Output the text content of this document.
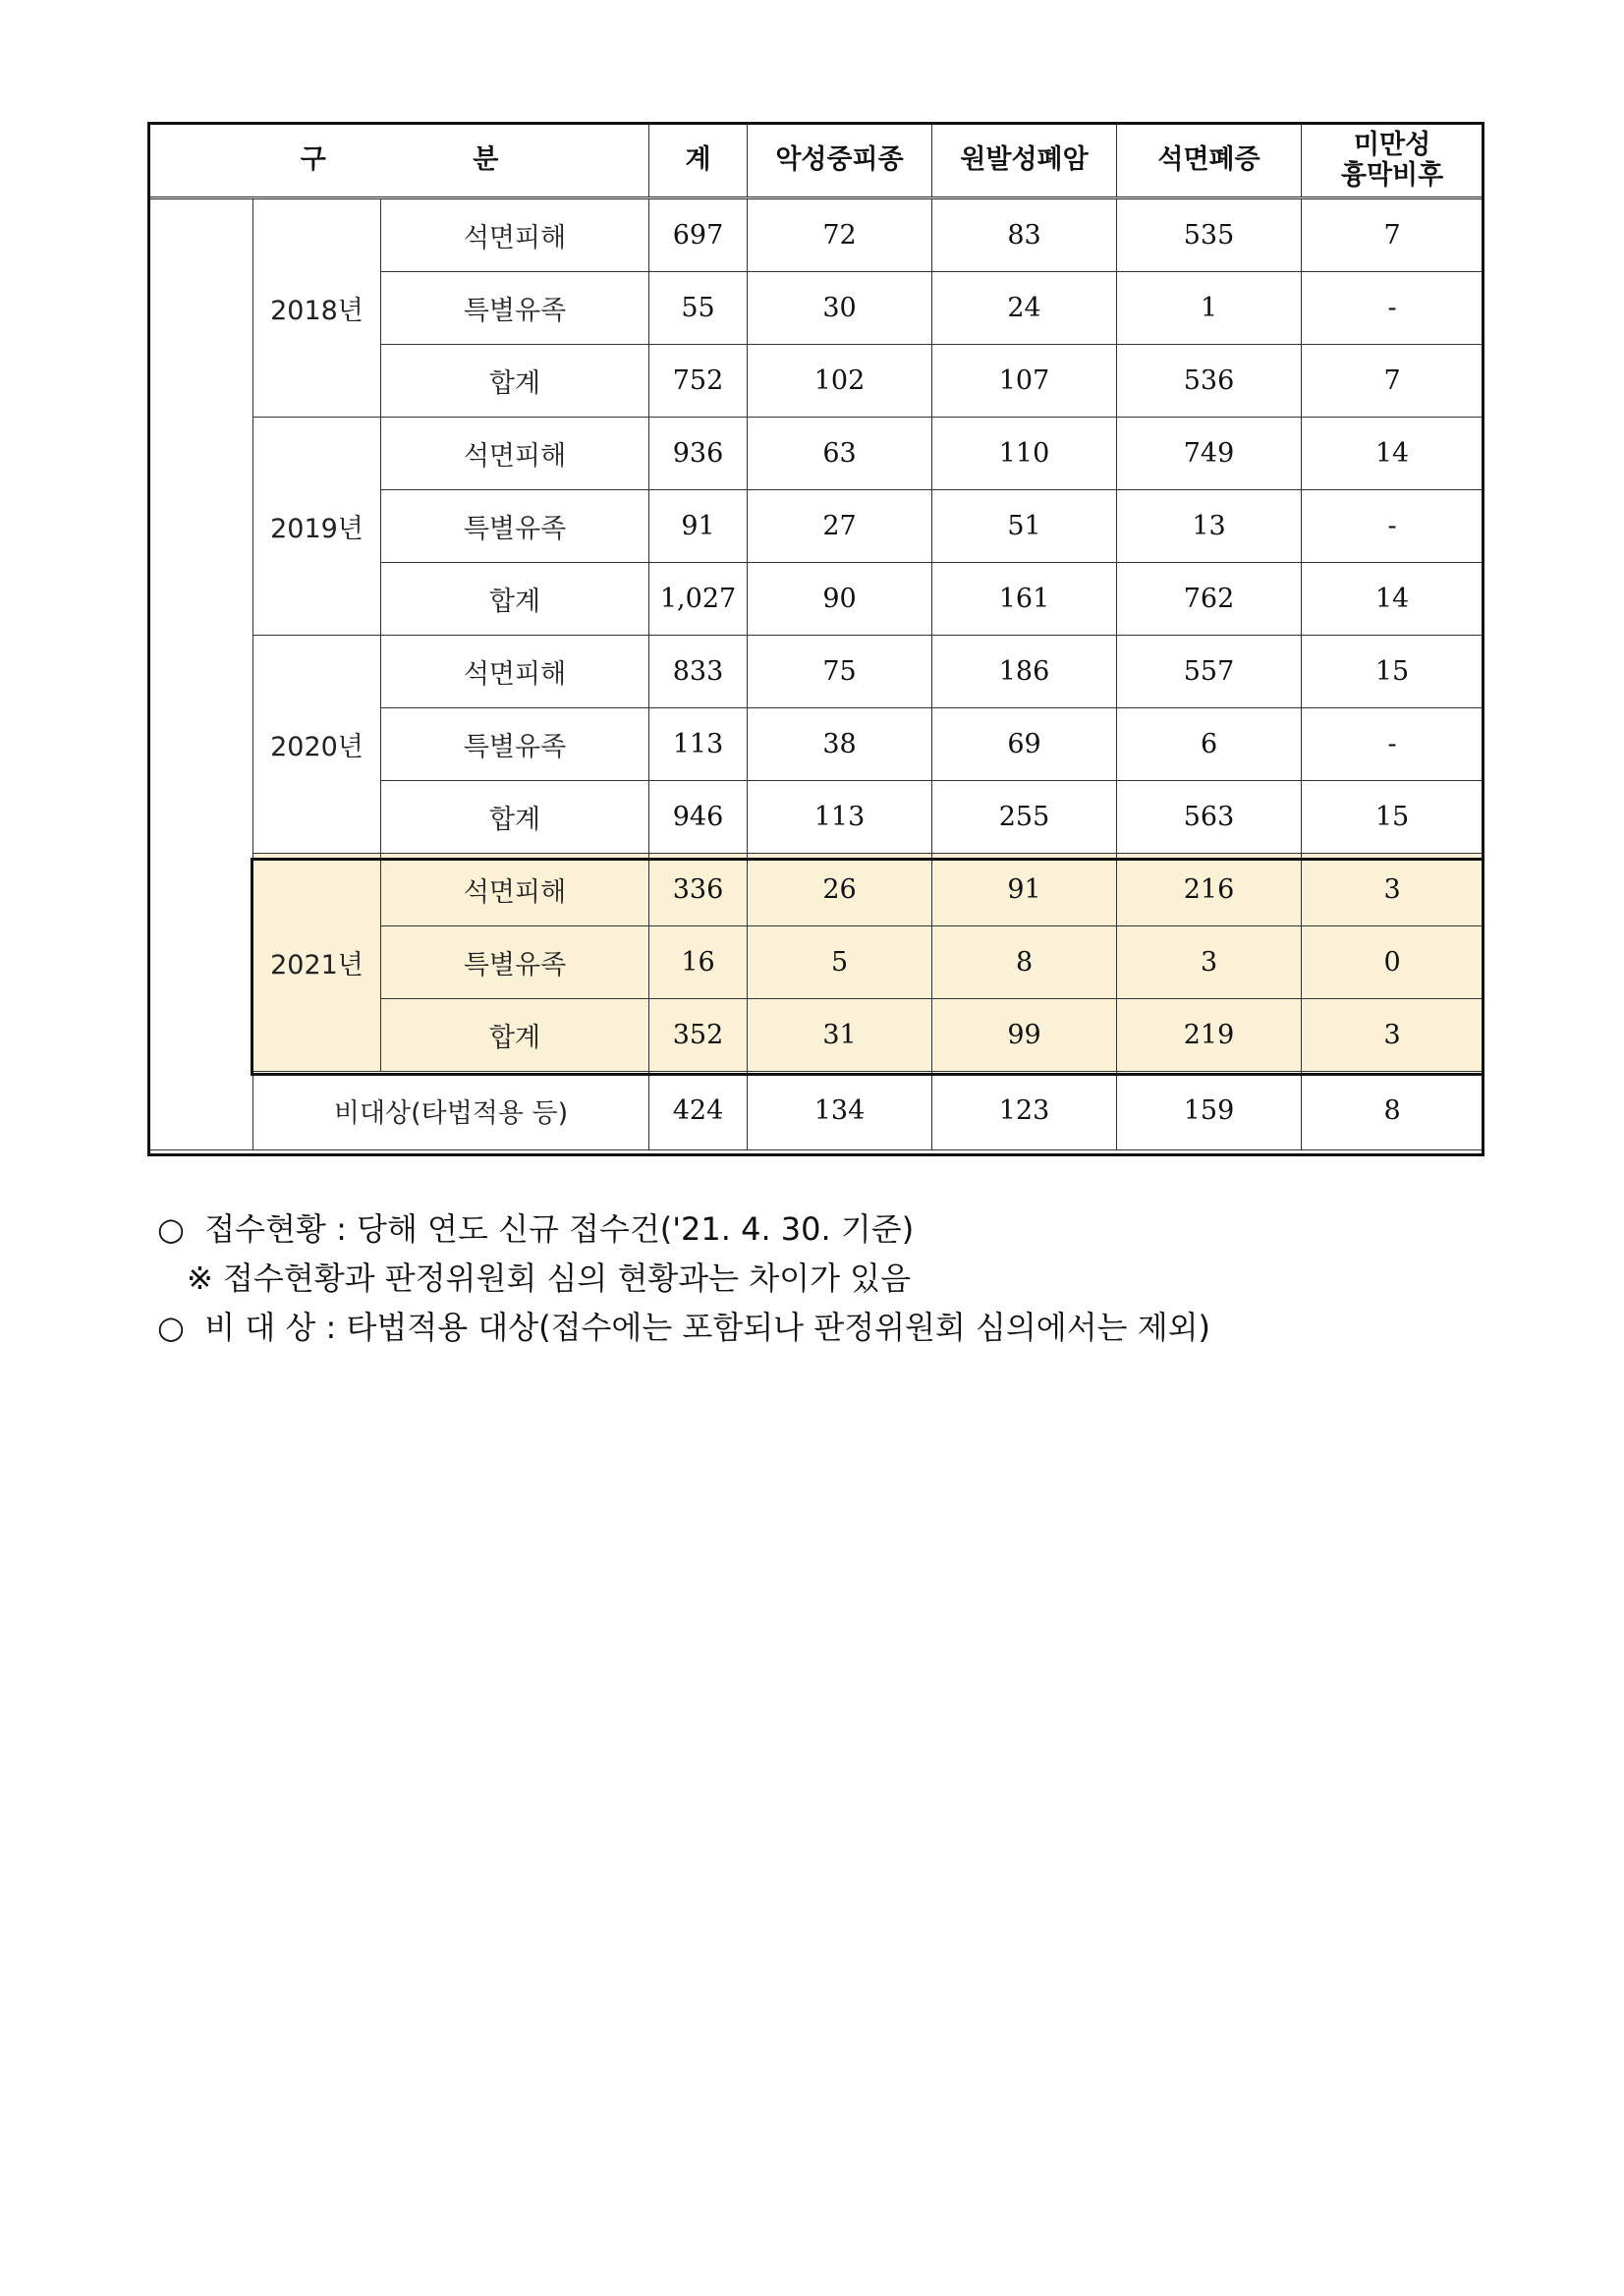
구 분			계	악성중피종	원발성폐암	석면폐증	미만성
흉막비후
	2018년	석면피해	697	72	83	535	7
		특별유족	55	30	24	1	-
		합계	752	102	107	536	7
	2019년	석면피해	936	63	110	749	14
		특별유족	91	27	51	13	-
		합계	1,027	90	161	762	14
	2020년	석면피해	833	75	186	557	15
		특별유족	113	38	69	6	-
		합계	946	113	255	563	15
	2021년	석면피해	336	26	91	216	3
		특별유족	16	5	8	3	0
		합계	352	31	99	219	3
	비대상(타법적용 등)		424	134	123	159	8
○  접수현황 : 당해 연도 신규 접수건('21. 4. 30. 기준)
※ 접수현황과 판정위원회 심의 현황과는 차이가 있음
○  비 대 상 : 타법적용 대상(접수에는 포함되나 판정위원회 심의에서는 제외)
